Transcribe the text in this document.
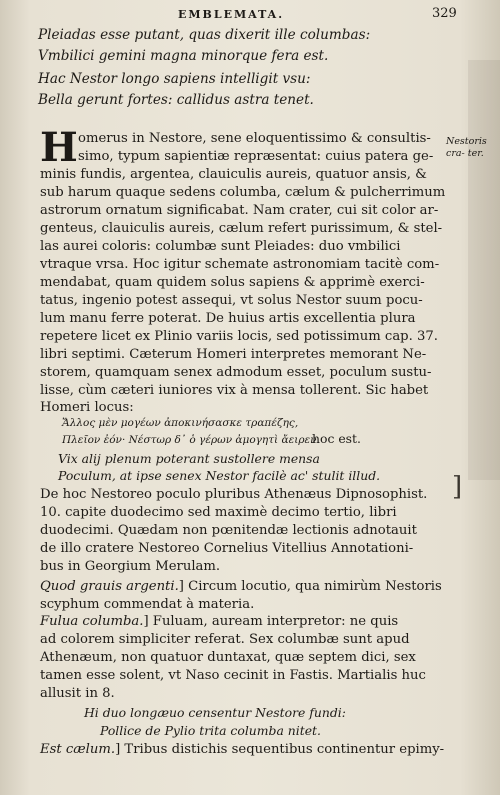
EMBLEMATA.	329
Pleiadas esse putant, quas dixerit ille columbas:
Vmbilici gemini magna minorque fera est.
Hac Nestor longo sapiens intelligit vsu:
Bella gerunt fortes: callidus astra tenet.
H	Nestoris cra- ter.
omerus in Nestore, sene eloquentissimo & consultis-
simo, typum sapientiæ repræsentat: cuius patera ge-
minis fundis, argentea, clauiculis aureis, quatuor ansis, &
sub harum quaque sedens columba, cælum & pulcherrimum
astrorum ornatum significabat. Nam crater, cui sit color ar-
genteus, clauiculis aureis, cælum refert purissimum, & stel-
las aurei coloris: columbæ sunt Pleiades: duo vmbilici
vtraque vrsa. Hoc igitur schemate astronomiam tacitè com-
mendabat, quam quidem solus sapiens & apprimè exerci-
tatus, ingenio potest assequi, vt solus Nestor suum pocu-
lum manu ferre poterat. De huius artis excellentia plura
repetere licet ex Plinio variis locis, sed potissimum cap. 37.
libri septimi. Cæterum Homeri interpretes memorant Ne-
storem, quamquam senex admodum esset, poculum sustu-
lisse, cùm cæteri iuniores vix à mensa tollerent. Sic habet
Homeri locus:
Ἄλλος μὲν μογέων ἀποκινήσασκε τραπέζης,
Πλεῖον ἐόν· Νέστωρ δ᾽ ὁ γέρων ἀμογητὶ ἄειρεν.
hoc est.
Vix alij plenum poterant sustollere mensa
Poculum, at ipse senex Nestor facilè ac' stulit illud.
De hoc Nestoreo poculo pluribus Athenæus Dipnosophist.
10. capite duodecimo sed maximè decimo tertio, libri
duodecimi. Quædam non pœnitendæ lectionis adnotauit
de illo cratere Nestoreo Cornelius Vitellius Annotationi-
bus in Georgium Merulam.
]
Quod grauis argenti.] Circum locutio, qua nimirùm Nestoris
scyphum commendat à materia.
Fulua columba.] Fuluam, auream interpretor: ne quis
ad colorem simpliciter referat. Sex columbæ sunt apud
Athenæum, non quatuor duntaxat, quæ septem dici, sex
tamen esse solent, vt Naso cecinit in Fastis. Martialis huc
allusit in 8.
Hi duo longæuo censentur Nestore fundi:
Pollice de Pylio trita columba nitet.
Est cælum.] Tribus distichis sequentibus continentur epimy-
